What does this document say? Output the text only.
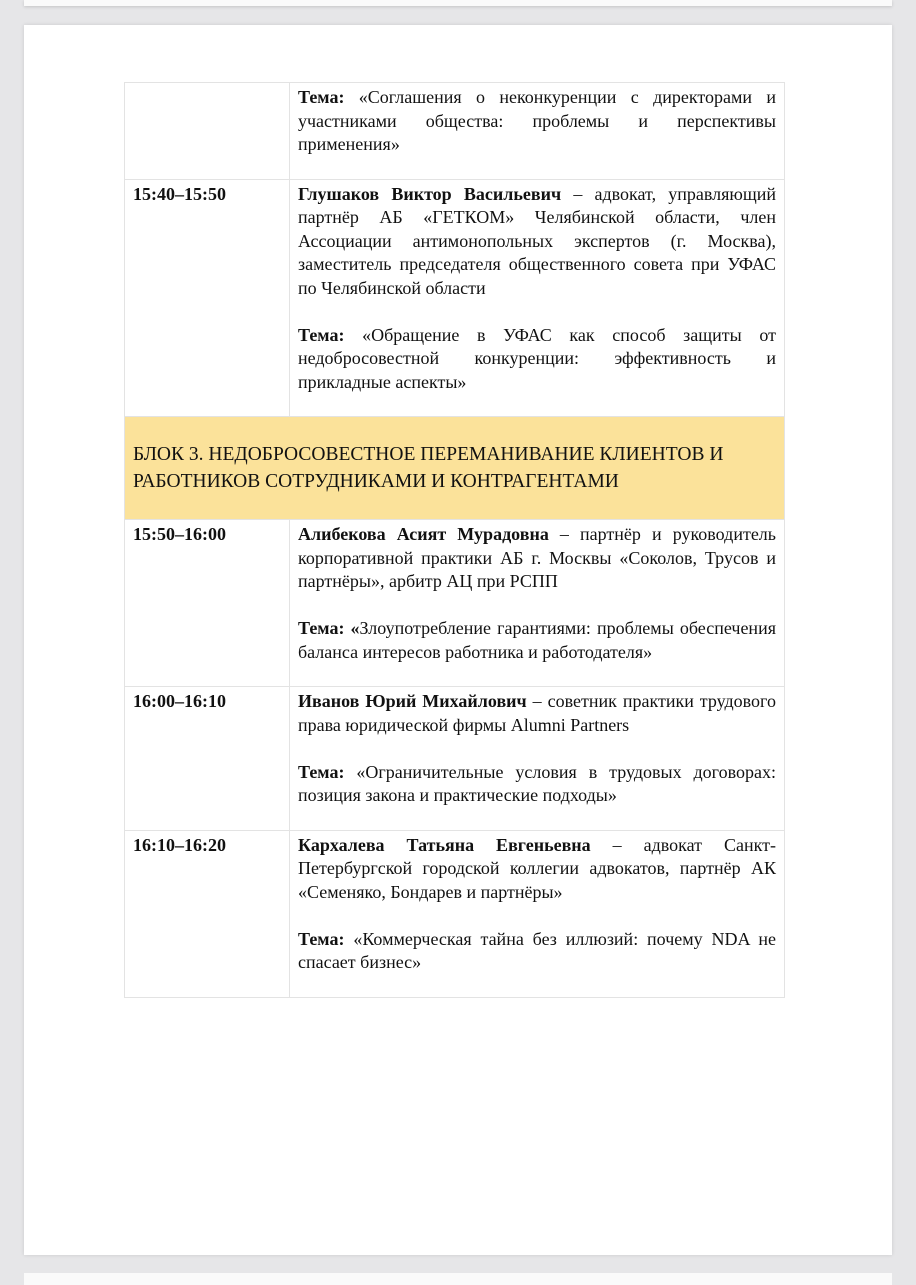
	Тема: «Соглашения о неконкуренции с директорами и участниками общества: проблемы и перспективы применения»

15:40–15:50	Глушаков Виктор Васильевич – адвокат, управляющий партнёр АБ «ГЕТКОМ» Челябинской области, член Ассоциации антимонопольных экспертов (г. Москва), заместитель председателя общественного совета при УФАС по Челябинской области

Тема: «Обращение в УФАС как способ защиты от недобросовестной конкуренции: эффективность и прикладные аспекты»

БЛОК 3. НЕДОБРОСОВЕСТНОЕ ПЕРЕМАНИВАНИЕ КЛИЕНТОВ И РАБОТНИКОВ СОТРУДНИКАМИ И КОНТРАГЕНТАМИ	

15:50–16:00	Алибекова Асият Мурадовна – партнёр и руководитель корпоративной практики АБ г. Москвы «Соколов, Трусов и партнёры», арбитр АЦ при РСПП

Тема: «Злоупотребление гарантиями: проблемы обеспечения баланса интересов работника и работодателя»

16:00–16:10	Иванов Юрий Михайлович – советник практики трудового права юридической фирмы Alumni Partners

Тема: «Ограничительные условия в трудовых договорах: позиция закона и практические подходы»

16:10–16:20	Кархалева Татьяна Евгеньевна – адвокат Санкт-Петербургской городской коллегии адвокатов, партнёр АК «Семеняко, Бондарев и партнёры»

Тема: «Коммерческая тайна без иллюзий: почему NDA не спасает бизнес»
